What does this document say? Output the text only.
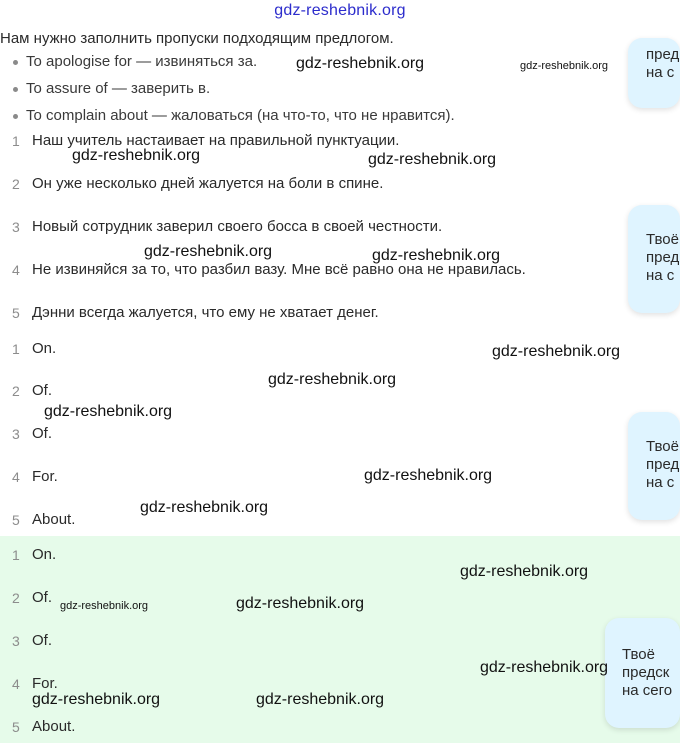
gdz-reshebnik.org
Нам нужно заполнить пропуски подходящим предлогом.
To apologise for — извиняться за.
To assure of — заверить в.
To complain about — жаловаться (на что-то, что не нравится).
1 Наш учитель настаивает на правильной пунктуации.
2 Он уже несколько дней жалуется на боли в спине.
3 Новый сотрудник заверил своего босса в своей честности.
4 Не извиняйся за то, что разбил вазу. Мне всё равно она не нравилась.
5 Дэнни всегда жалуется, что ему не хватает денег.
1 On.
2 Of.
3 Of.
4 For.
5 About.
1 On.
2 Of.
3 Of.
4 For.
5 About.
пред
на с
Твоё
пред
на с
Твоё
пред
на с
Твоё
предск
на сего
gdz-reshebnik.org	gdz-reshebnik.org
gdz-reshebnik.org	gdz-reshebnik.org
gdz-reshebnik.org	gdz-reshebnik.org
gdz-reshebnik.org
gdz-reshebnik.org
gdz-reshebnik.org
gdz-reshebnik.org
gdz-reshebnik.org
gdz-reshebnik.org
gdz-reshebnik.org	gdz-reshebnik.org
gdz-reshebnik.org
gdz-reshebnik.org	gdz-reshebnik.org
